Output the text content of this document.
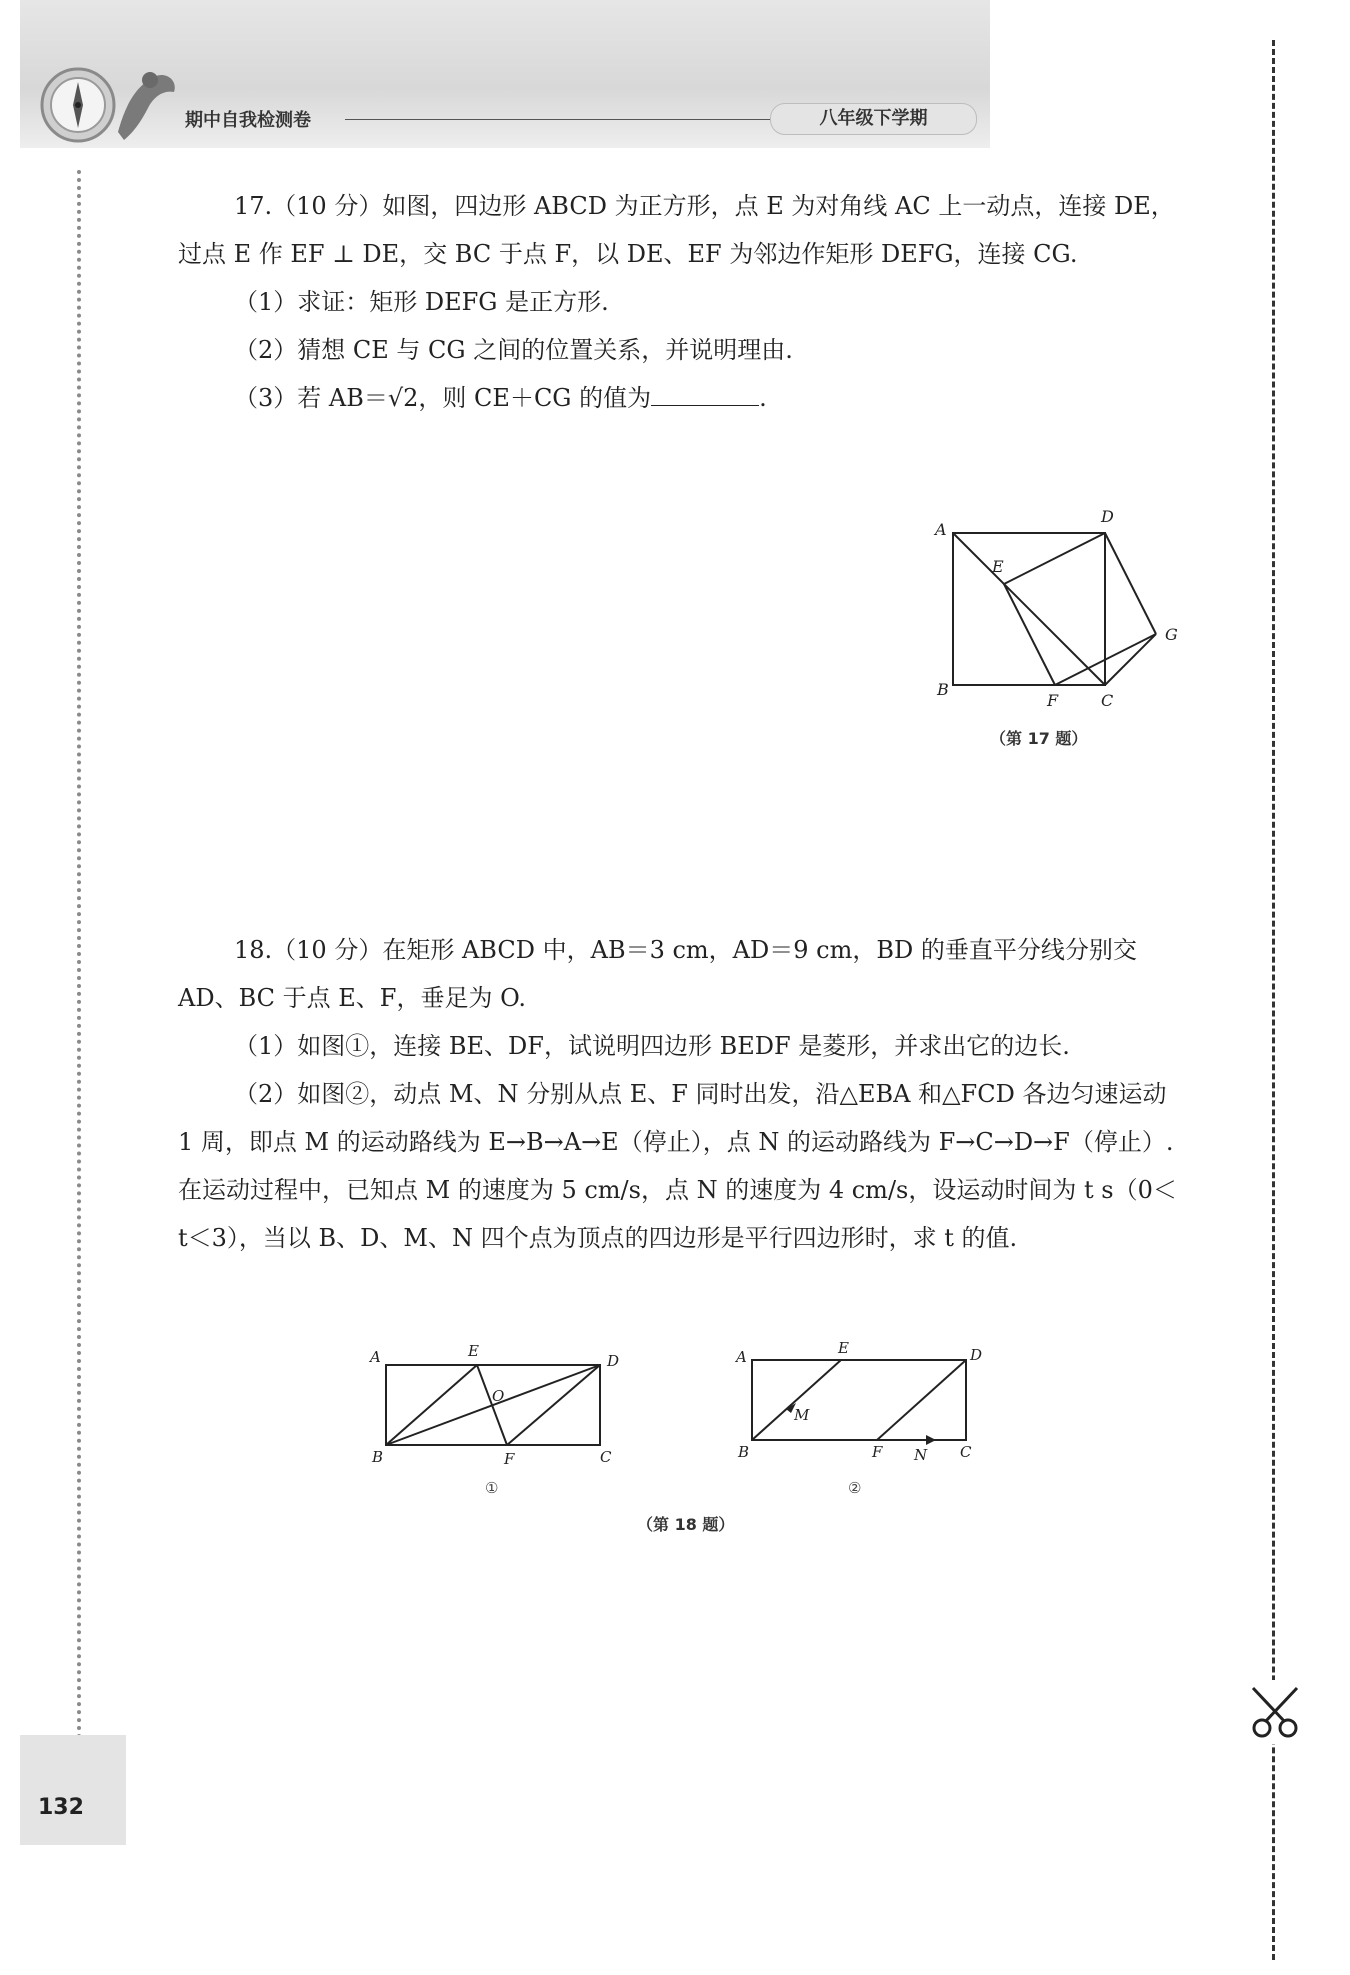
期中自我检测卷	八年级下学期
132

17.（10 分）如图，四边形 ABCD 为正方形，点 E 为对角线 AC 上一动点，连接 DE，过点 E 作 EF ⊥ DE，交 BC 于点 F，以 DE、EF 为邻边作矩形 DEFG，连接 CG.

（1）求证：矩形 DEFG 是正方形.

（2）猜想 CE 与 CG 之间的位置关系，并说明理由.

（3）若 AB＝√2，则 CE＋CG 的值为	.

A
B
C
D
E
F
G
（第 17 题）

18.（10 分）在矩形 ABCD 中，AB＝3 cm，AD＝9 cm，BD 的垂直平分线分别交 AD、BC 于点 E、F，垂足为 O.

（1）如图①，连接 BE、DF，试说明四边形 BEDF 是菱形，并求出它的边长.

（2）如图②，动点 M、N 分别从点 E、F 同时出发，沿△EBA 和△FCD 各边匀速运动 1 周，即点 M 的运动路线为 E→B→A→E（停止），点 N 的运动路线为 F→C→D→F（停止）. 在运动过程中，已知点 M 的速度为 5 cm/s，点 N 的速度为 4 cm/s，设运动时间为 t s（0＜t＜3），当以 B、D、M、N 四个点为顶点的四边形是平行四边形时，求 t 的值.

A
B	C
D
E
F
O
①
A
B	C
D
E
F
M
N
②
（第 18 题）
